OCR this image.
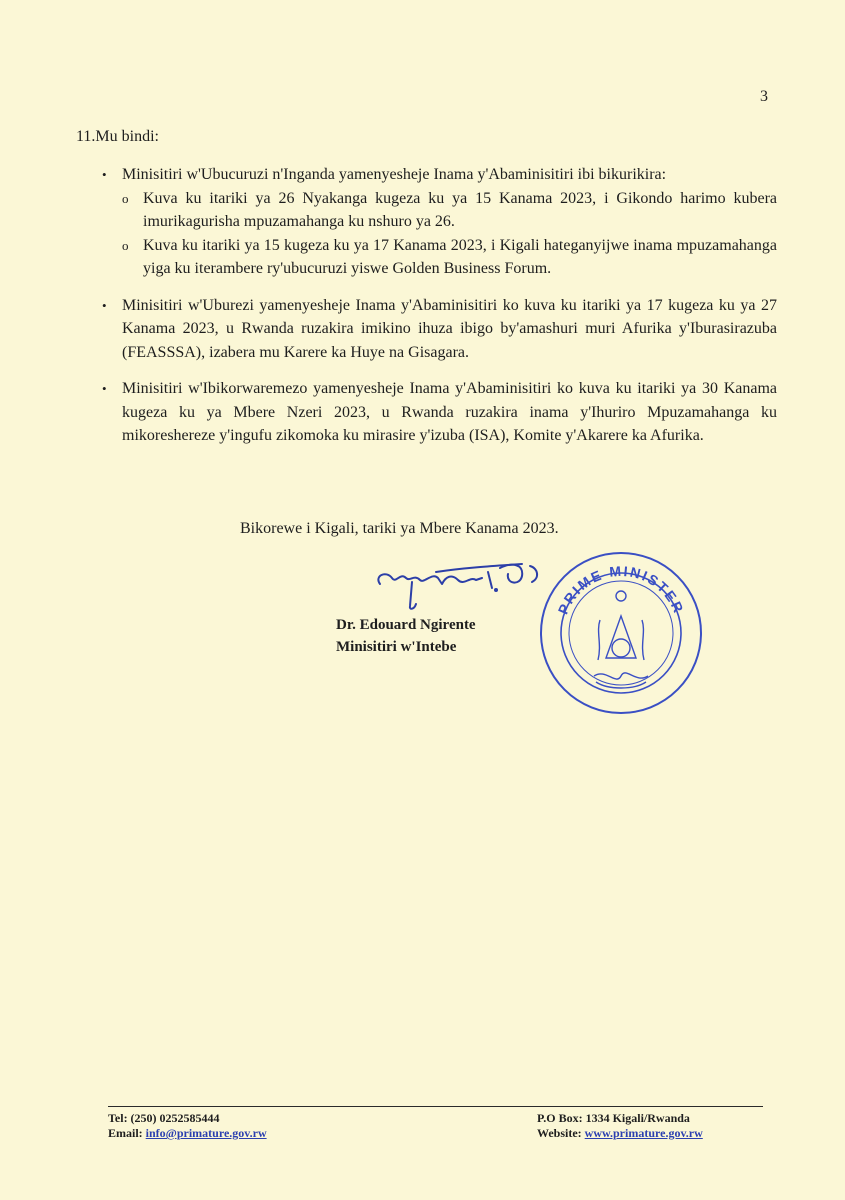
3
11.Mu bindi:
• Minisitiri w'Ubucuruzi n'Inganda yamenyesheje Inama y'Abaminisitiri ibi bikurikira:
o Kuva ku itariki ya 26 Nyakanga kugeza ku ya 15 Kanama 2023, i Gikondo harimo kubera imurikagurisha mpuzamahanga ku nshuro ya 26.
o Kuva ku itariki ya 15 kugeza ku ya 17 Kanama 2023, i Kigali hateganyijwe inama mpuzamahanga yiga ku iterambere ry'ubucuruzi yiswe Golden Business Forum.
• Minisitiri w'Uburezi yamenyesheje Inama y'Abaminisitiri ko kuva ku itariki ya 17 kugeza ku ya 27 Kanama 2023, u Rwanda ruzakira imikino ihuza ibigo by'amashuri muri Afurika y'Iburasirazuba (FEASSSA), izabera mu Karere ka Huye na Gisagara.
• Minisitiri w'Ibikorwaremezo yamenyesheje Inama y'Abaminisitiri ko kuva ku itariki ya 30 Kanama kugeza ku ya Mbere Nzeri 2023, u Rwanda ruzakira inama y'Ihuriro Mpuzamahanga ku mikoreshereze y'ingufu zikomoka ku mirasire y'izuba (ISA), Komite y'Akarere ka Afurika.
Bikorewe i Kigali, tariki ya Mbere Kanama 2023.
PRIME MINISTER
Dr. Edouard Ngirente
Minisitiri w'Intebe
Tel: (250) 0252585444
Email: info@primature.gov.rw
P.O Box: 1334 Kigali/Rwanda
Website: www.primature.gov.rw
